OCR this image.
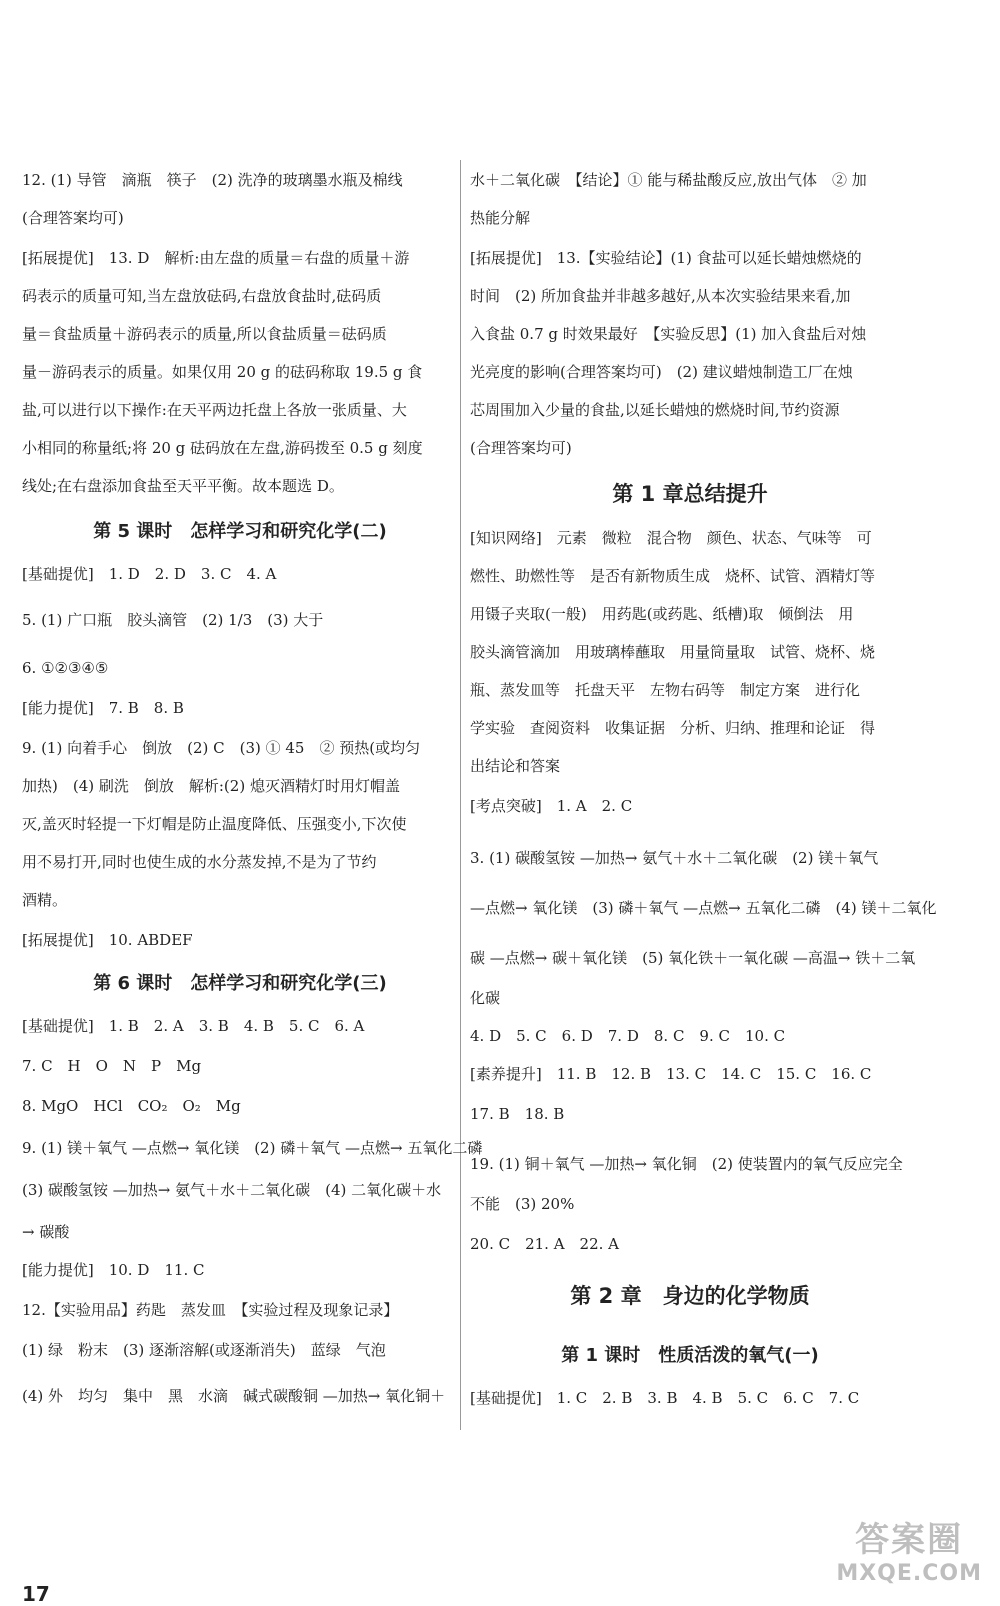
12. (1) 导管　滴瓶　筷子　(2) 洗净的玻璃墨水瓶及棉线
(合理答案均可)
[拓展提优]　13. D　解析:由左盘的质量＝右盘的质量＋游
码表示的质量可知,当左盘放砝码,右盘放食盐时,砝码质
量＝食盐质量＋游码表示的质量,所以食盐质量＝砝码质
量－游码表示的质量。如果仅用 20 g 的砝码称取 19.5 g 食
盐,可以进行以下操作:在天平两边托盘上各放一张质量、大
小相同的称量纸;将 20 g 砝码放在左盘,游码拨至 0.5 g 刻度
线处;在右盘添加食盐至天平平衡。故本题选 D。
第 5 课时　怎样学习和研究化学(二)
[基础提优]　1. D　2. D　3. C　4. A
5. (1) 广口瓶　胶头滴管　(2) 1/3　(3) 大于
6. ①②③④⑤
[能力提优]　7. B　8. B
9. (1) 向着手心　倒放　(2) C　(3) ① 45　② 预热(或均匀
加热)　(4) 刷洗　倒放　解析:(2) 熄灭酒精灯时用灯帽盖
灭,盖灭时轻提一下灯帽是防止温度降低、压强变小,下次使
用不易打开,同时也使生成的水分蒸发掉,不是为了节约
酒精。
[拓展提优]　10. ABDEF
第 6 课时　怎样学习和研究化学(三)
[基础提优]　1. B　2. A　3. B　4. B　5. C　6. A
7. C　H　O　N　P　Mg
8. MgO　HCl　CO₂　O₂　Mg
9. (1) 镁＋氧气 —点燃→ 氧化镁　(2) 磷＋氧气 —点燃→ 五氧化二磷
(3) 碳酸氢铵 —加热→ 氨气＋水＋二氧化碳　(4) 二氧化碳＋水
→ 碳酸
[能力提优]　10. D　11. C
12.【实验用品】药匙　蒸发皿　【实验过程及现象记录】
(1) 绿　粉末　(3) 逐渐溶解(或逐渐消失)　蓝绿　气泡
(4) 外　均匀　集中　黑　水滴　碱式碳酸铜 —加热→ 氧化铜＋
17
水＋二氧化碳　【结论】① 能与稀盐酸反应,放出气体　② 加
热能分解
[拓展提优]　13.【实验结论】(1) 食盐可以延长蜡烛燃烧的
时间　(2) 所加食盐并非越多越好,从本次实验结果来看,加
入食盐 0.7 g 时效果最好　【实验反思】(1) 加入食盐后对烛
光亮度的影响(合理答案均可)　(2) 建议蜡烛制造工厂在烛
芯周围加入少量的食盐,以延长蜡烛的燃烧时间,节约资源
(合理答案均可)
第 1 章总结提升
[知识网络]　元素　微粒　混合物　颜色、状态、气味等　可
燃性、助燃性等　是否有新物质生成　烧杯、试管、酒精灯等
用镊子夹取(一般)　用药匙(或药匙、纸槽)取　倾倒法　用
胶头滴管滴加　用玻璃棒蘸取　用量筒量取　试管、烧杯、烧
瓶、蒸发皿等　托盘天平　左物右码等　制定方案　进行化
学实验　查阅资料　收集证据　分析、归纳、推理和论证　得
出结论和答案
[考点突破]　1. A　2. C
3. (1) 碳酸氢铵 —加热→ 氨气＋水＋二氧化碳　(2) 镁＋氧气
—点燃→ 氧化镁　(3) 磷＋氧气 —点燃→ 五氧化二磷　(4) 镁＋二氧化
碳 —点燃→ 碳＋氧化镁　(5) 氧化铁＋一氧化碳 —高温→ 铁＋二氧
化碳
4. D　5. C　6. D　7. D　8. C　9. C　10. C
[素养提升]　11. B　12. B　13. C　14. C　15. C　16. C
17. B　18. B
19. (1) 铜＋氧气 —加热→ 氧化铜　(2) 使装置内的氧气反应完全
不能　(3) 20%
20. C　21. A　22. A
第 2 章　身边的化学物质
第 1 课时　性质活泼的氧气(一)
[基础提优]　1. C　2. B　3. B　4. B　5. C　6. C　7. C
答案圈
MXQE.COM
